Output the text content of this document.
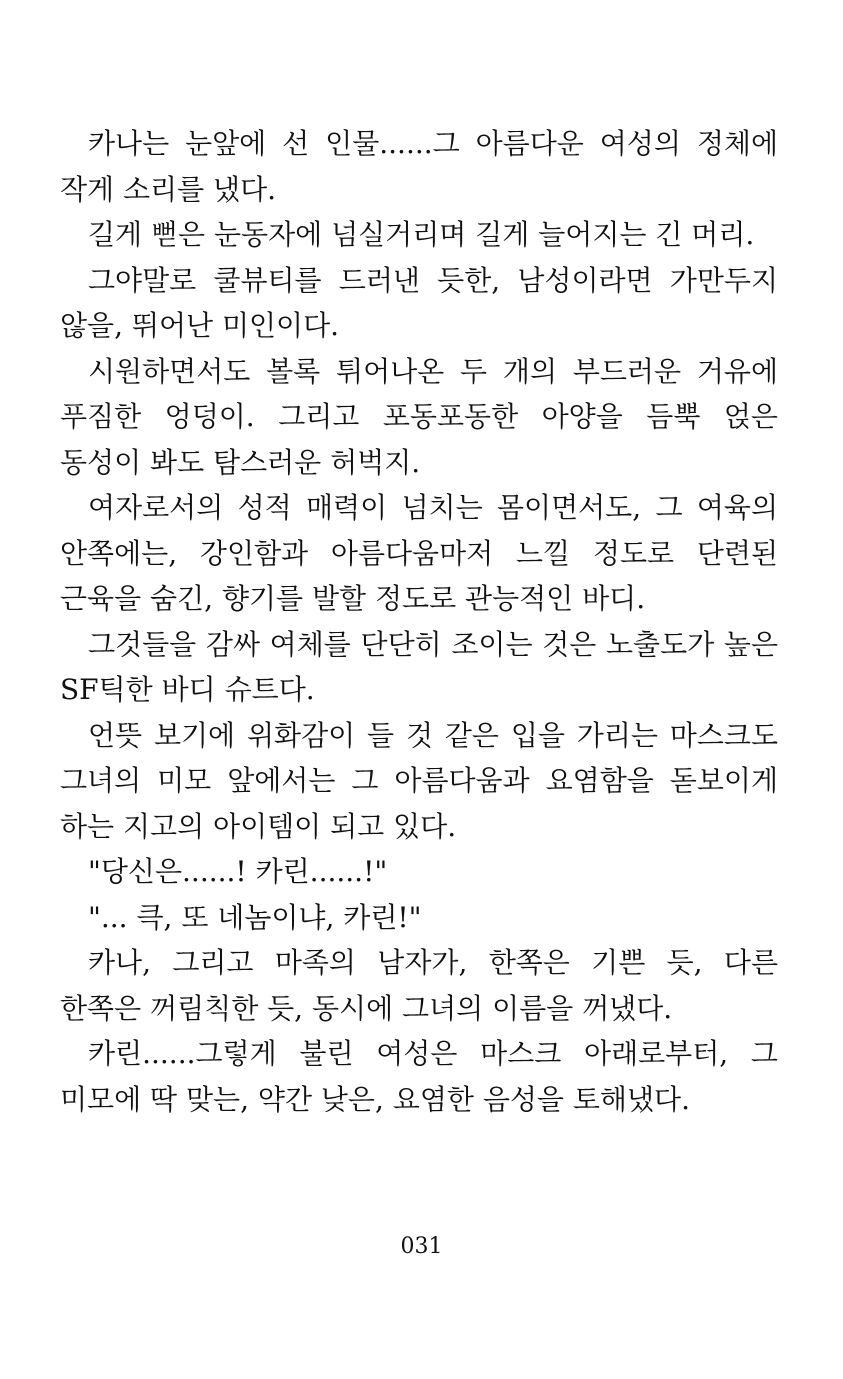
카나는 눈앞에 선 인물......그 아름다운 여성의 정체에 작게 소리를 냈다.

길게 뻗은 눈동자에 넘실거리며 길게 늘어지는 긴 머리.

그야말로 쿨뷰티를 드러낸 듯한, 남성이라면 가만두지 않을, 뛰어난 미인이다.

시원하면서도 볼록 튀어나온 두 개의 부드러운 거유에 푸짐한 엉덩이. 그리고 포동포동한 아양을 듬뿍 얹은 동성이 봐도 탐스러운 허벅지.

여자로서의 성적 매력이 넘치는 몸이면서도, 그 여육의 안쪽에는, 강인함과 아름다움마저 느낄 정도로 단련된 근육을 숨긴, 향기를 발할 정도로 관능적인 바디.

그것들을 감싸 여체를 단단히 조이는 것은 노출도가 높은 SF틱한 바디 슈트다.

언뜻 보기에 위화감이 들 것 같은 입을 가리는 마스크도 그녀의 미모 앞에서는 그 아름다움과 요염함을 돋보이게 하는 지고의 아이템이 되고 있다.

"당신은......! 카린......!"

"... 큭, 또 네놈이냐, 카린!"

카나, 그리고 마족의 남자가, 한쪽은 기쁜 듯, 다른 한쪽은 꺼림칙한 듯, 동시에 그녀의 이름을 꺼냈다.

카린......그렇게 불린 여성은 마스크 아래로부터, 그 미모에 딱 맞는, 약간 낮은, 요염한 음성을 토해냈다.

031
